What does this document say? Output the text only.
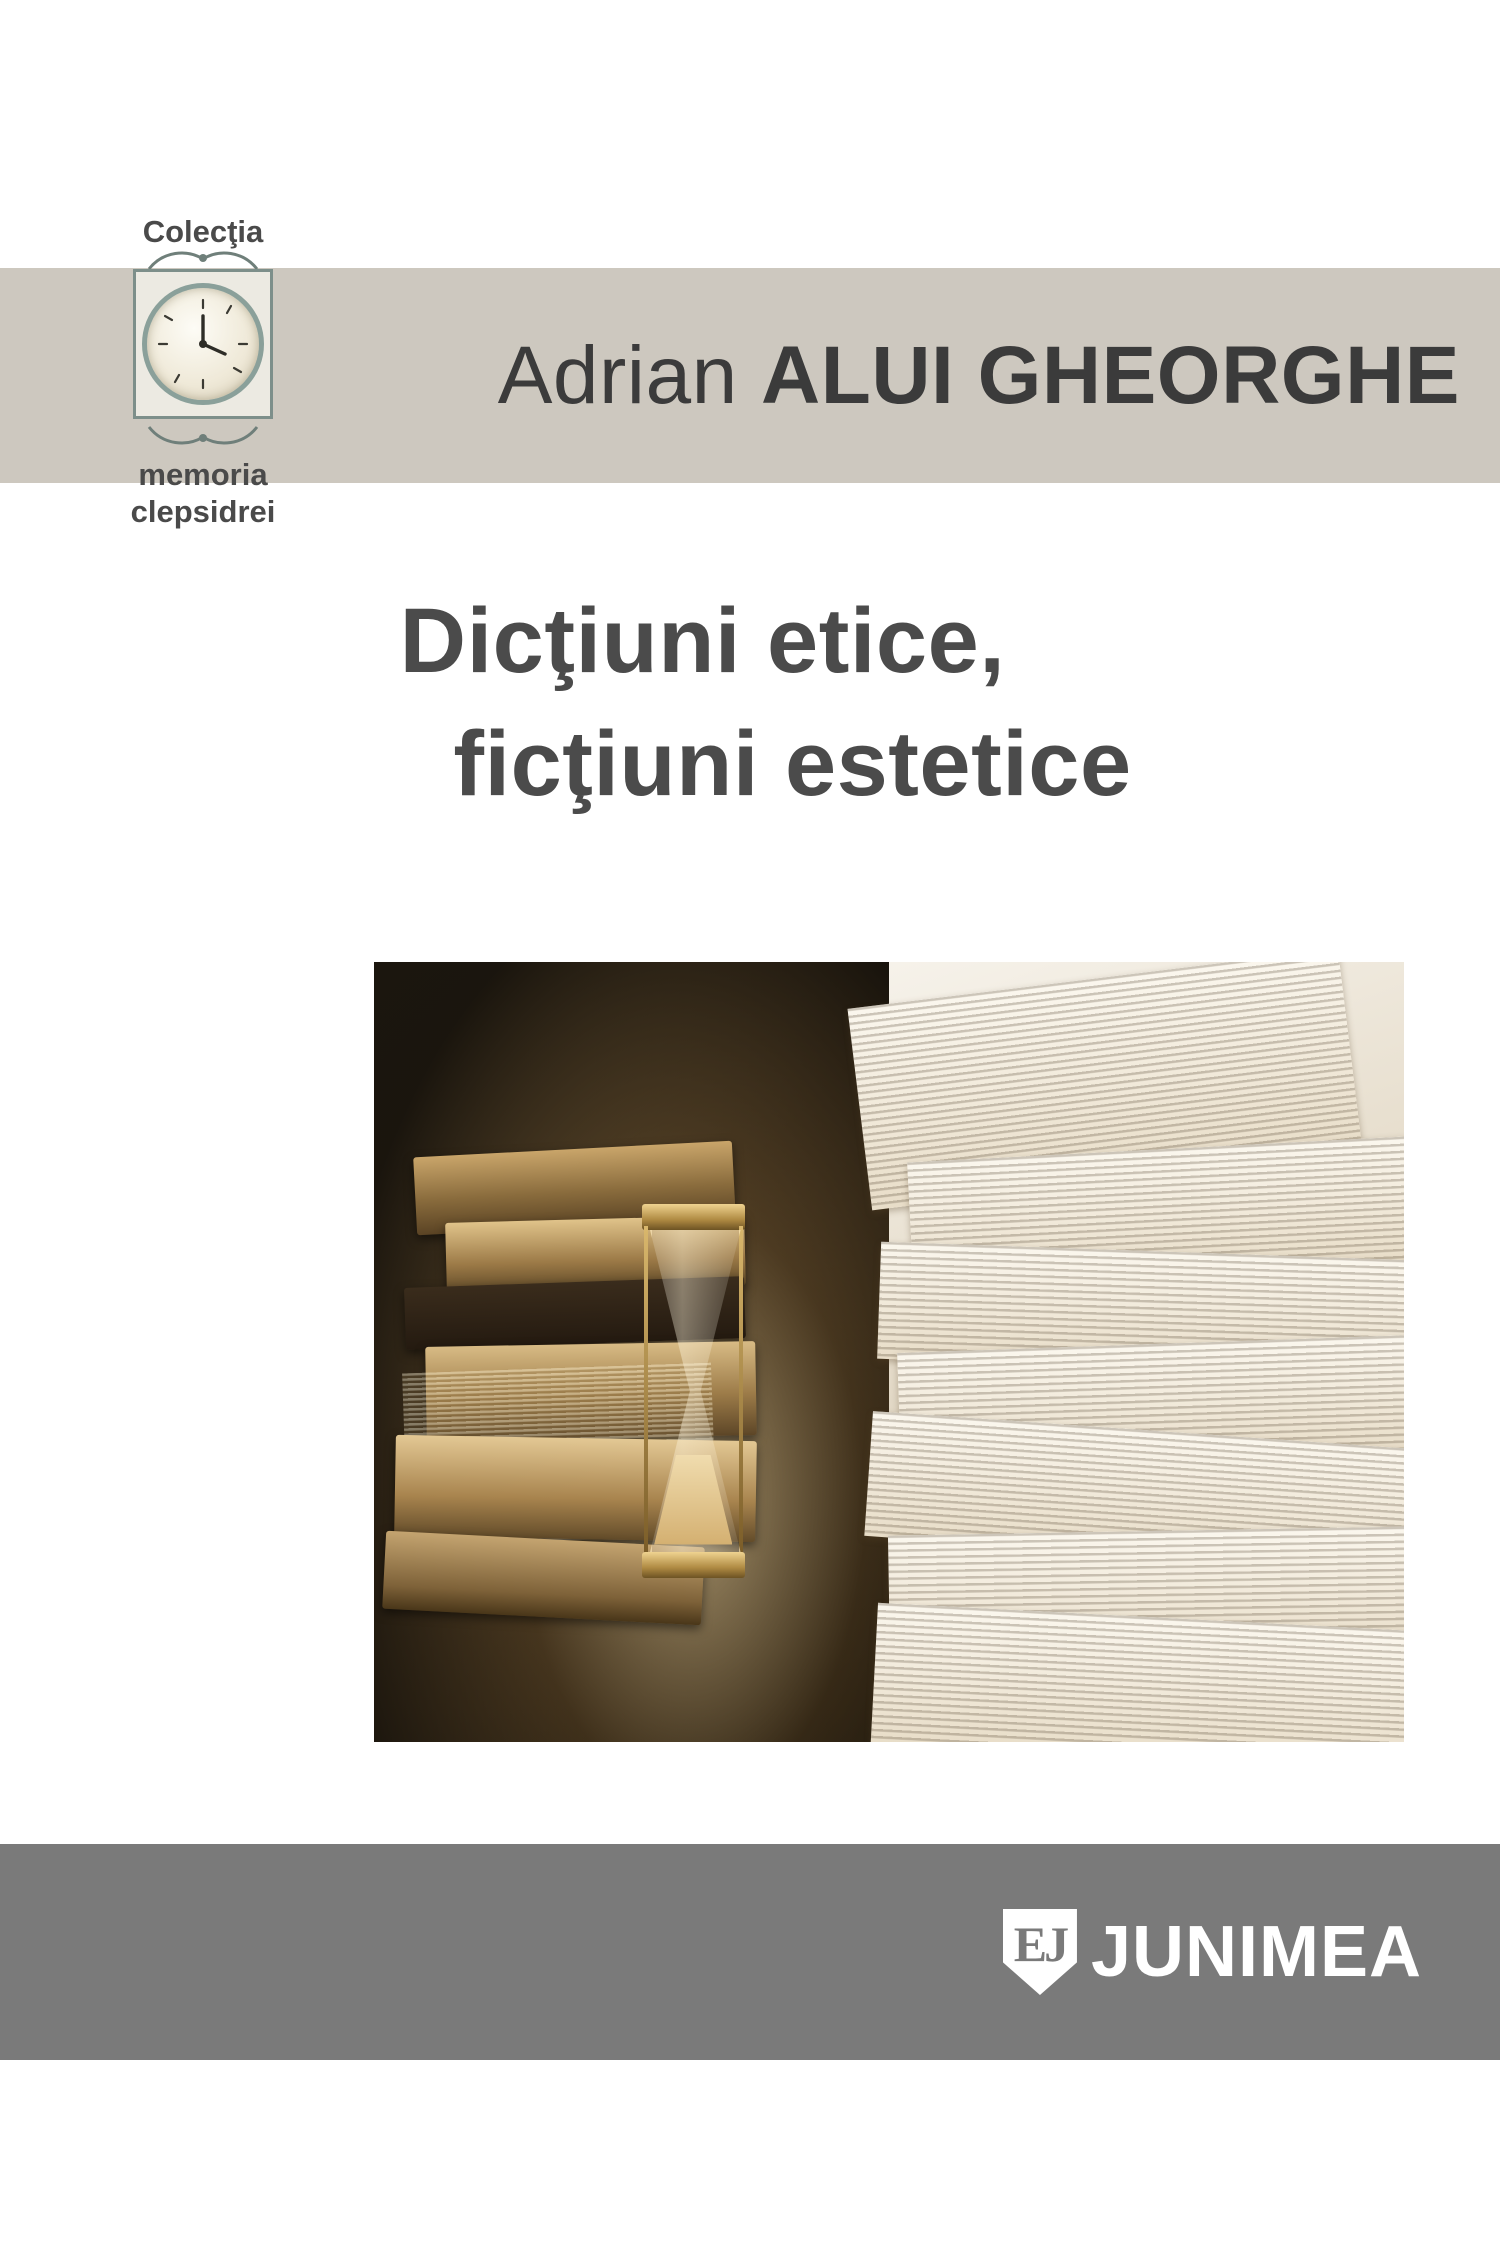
Adrian
ALUI GHEORGHE
Colecţia
memoria
clepsidrei
Dicţiuni etice,
ficţiuni estetice
EJ JUNIMEA
